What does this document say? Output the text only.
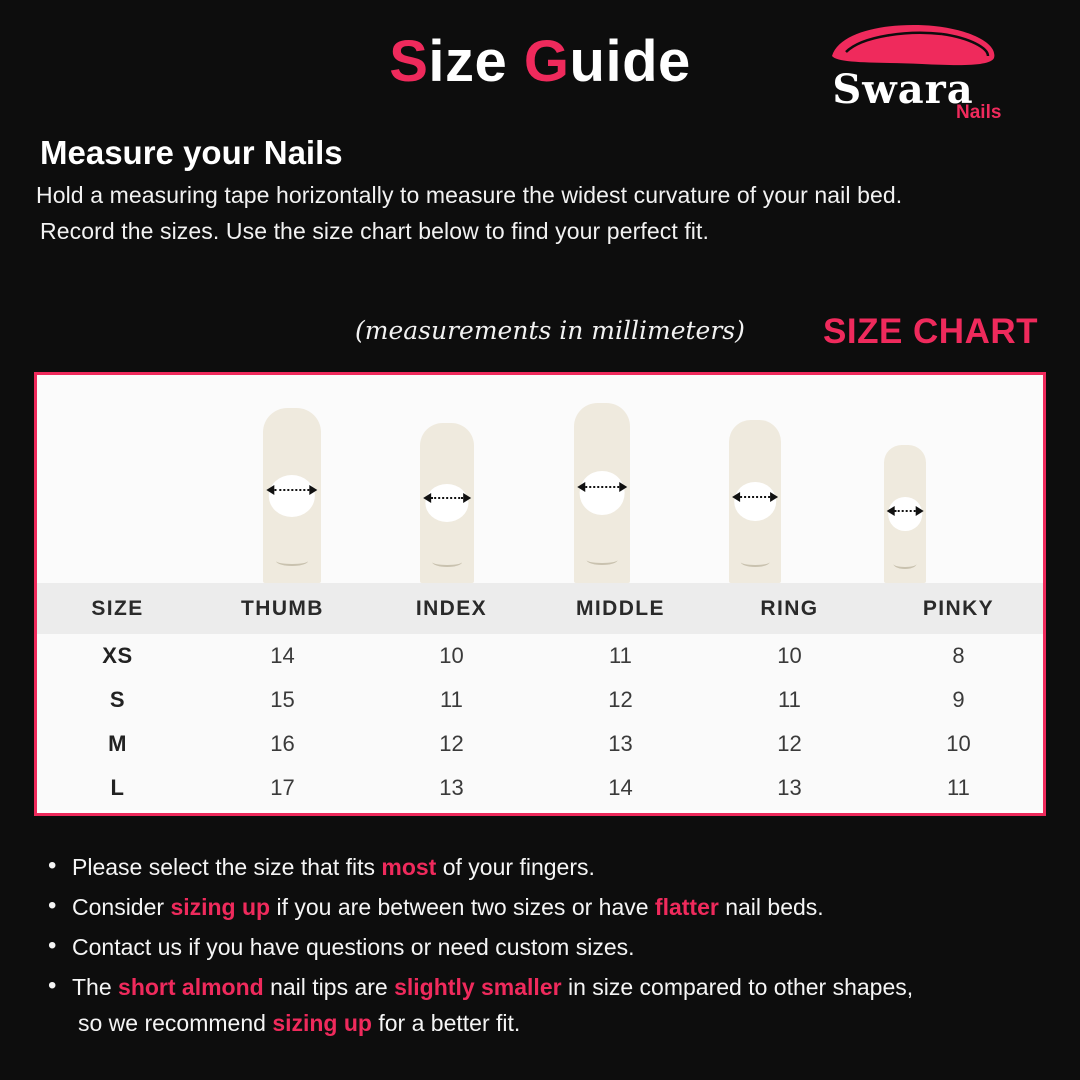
Size Guide	Swara
Nails
Measure your Nails
Hold a measuring tape horizontally to measure the widest curvature of your nail bed.
Record the sizes. Use the size chart below to find your perfect fit.
(measurements in millimeters) SIZE CHART
SIZE	THUMB	INDEX	MIDDLE	RING	PINKY
XS	14	10	11	10	8
S	15	11	12	11	9
M	16	12	13	12	10
L	17	13	14	13	11
• Please select the size that fits most of your fingers.
• Consider sizing up if you are between two sizes or have flatter nail beds.
• Contact us if you have questions or need custom sizes.
• The short almond nail tips are slightly smaller in size compared to other shapes,
so we recommend sizing up for a better fit.
